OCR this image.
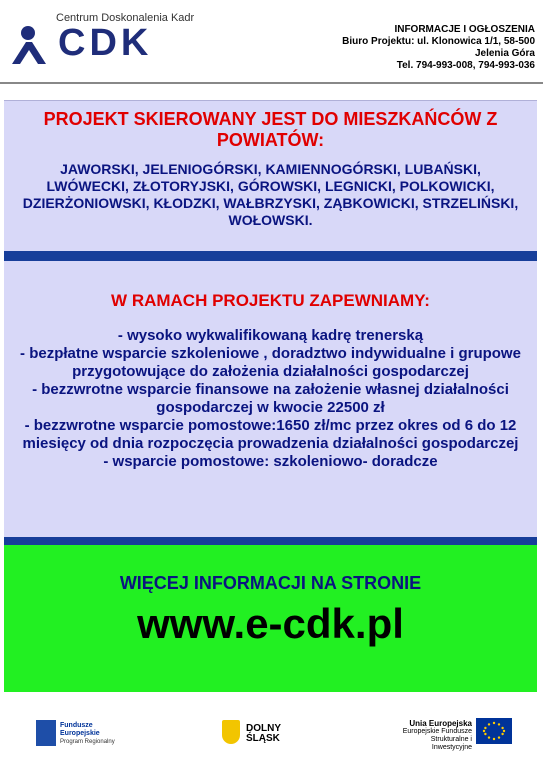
Centrum Doskonalenia Kadr
CDK	INFORMACJE I OGŁOSZENIA
Biuro Projektu: ul. Klonowica 1/1, 58-500
Jelenia Góra
Tel. 794-993-008, 794-993-036
PROJEKT SKIEROWANY JEST DO MIESZKAŃCÓW Z POWIATÓW:
JAWORSKI, JELENIOGÓRSKI, KAMIENNOGÓRSKI, LUBAŃSKI, LWÓWECKI, ZŁOTORYJSKI, GÓROWSKI, LEGNICKI, POLKOWICKI, DZIERŻONIOWSKI, KŁODZKI, WAŁBRZYSKI, ZĄBKOWICKI, STRZELIŃSKI, WOŁOWSKI.
W RAMACH PROJEKTU ZAPEWNIAMY:
- wysoko wykwalifikowaną kadrę trenerską
- bezpłatne wsparcie szkoleniowe , doradztwo indywidualne i grupowe przygotowujące do założenia działalności gospodarczej
- bezzwrotne wsparcie finansowe na założenie własnej działalności gospodarczej w kwocie 22500 zł
- bezzwrotne wsparcie pomostowe:1650 zł/mc przez okres od 6 do 12 miesięcy od dnia rozpoczęcia prowadzenia działalności gospodarczej
- wsparcie pomostowe: szkoleniowo- doradcze
WIĘCEJ INFORMACJI NA STRONIE
www.e-cdk.pl
Fundusze
Europejskie
Program Regionalny
DOLNY
ŚLĄSK
Unia Europejska
Europejskie Fundusze
Strukturalne i Inwestycyjne
